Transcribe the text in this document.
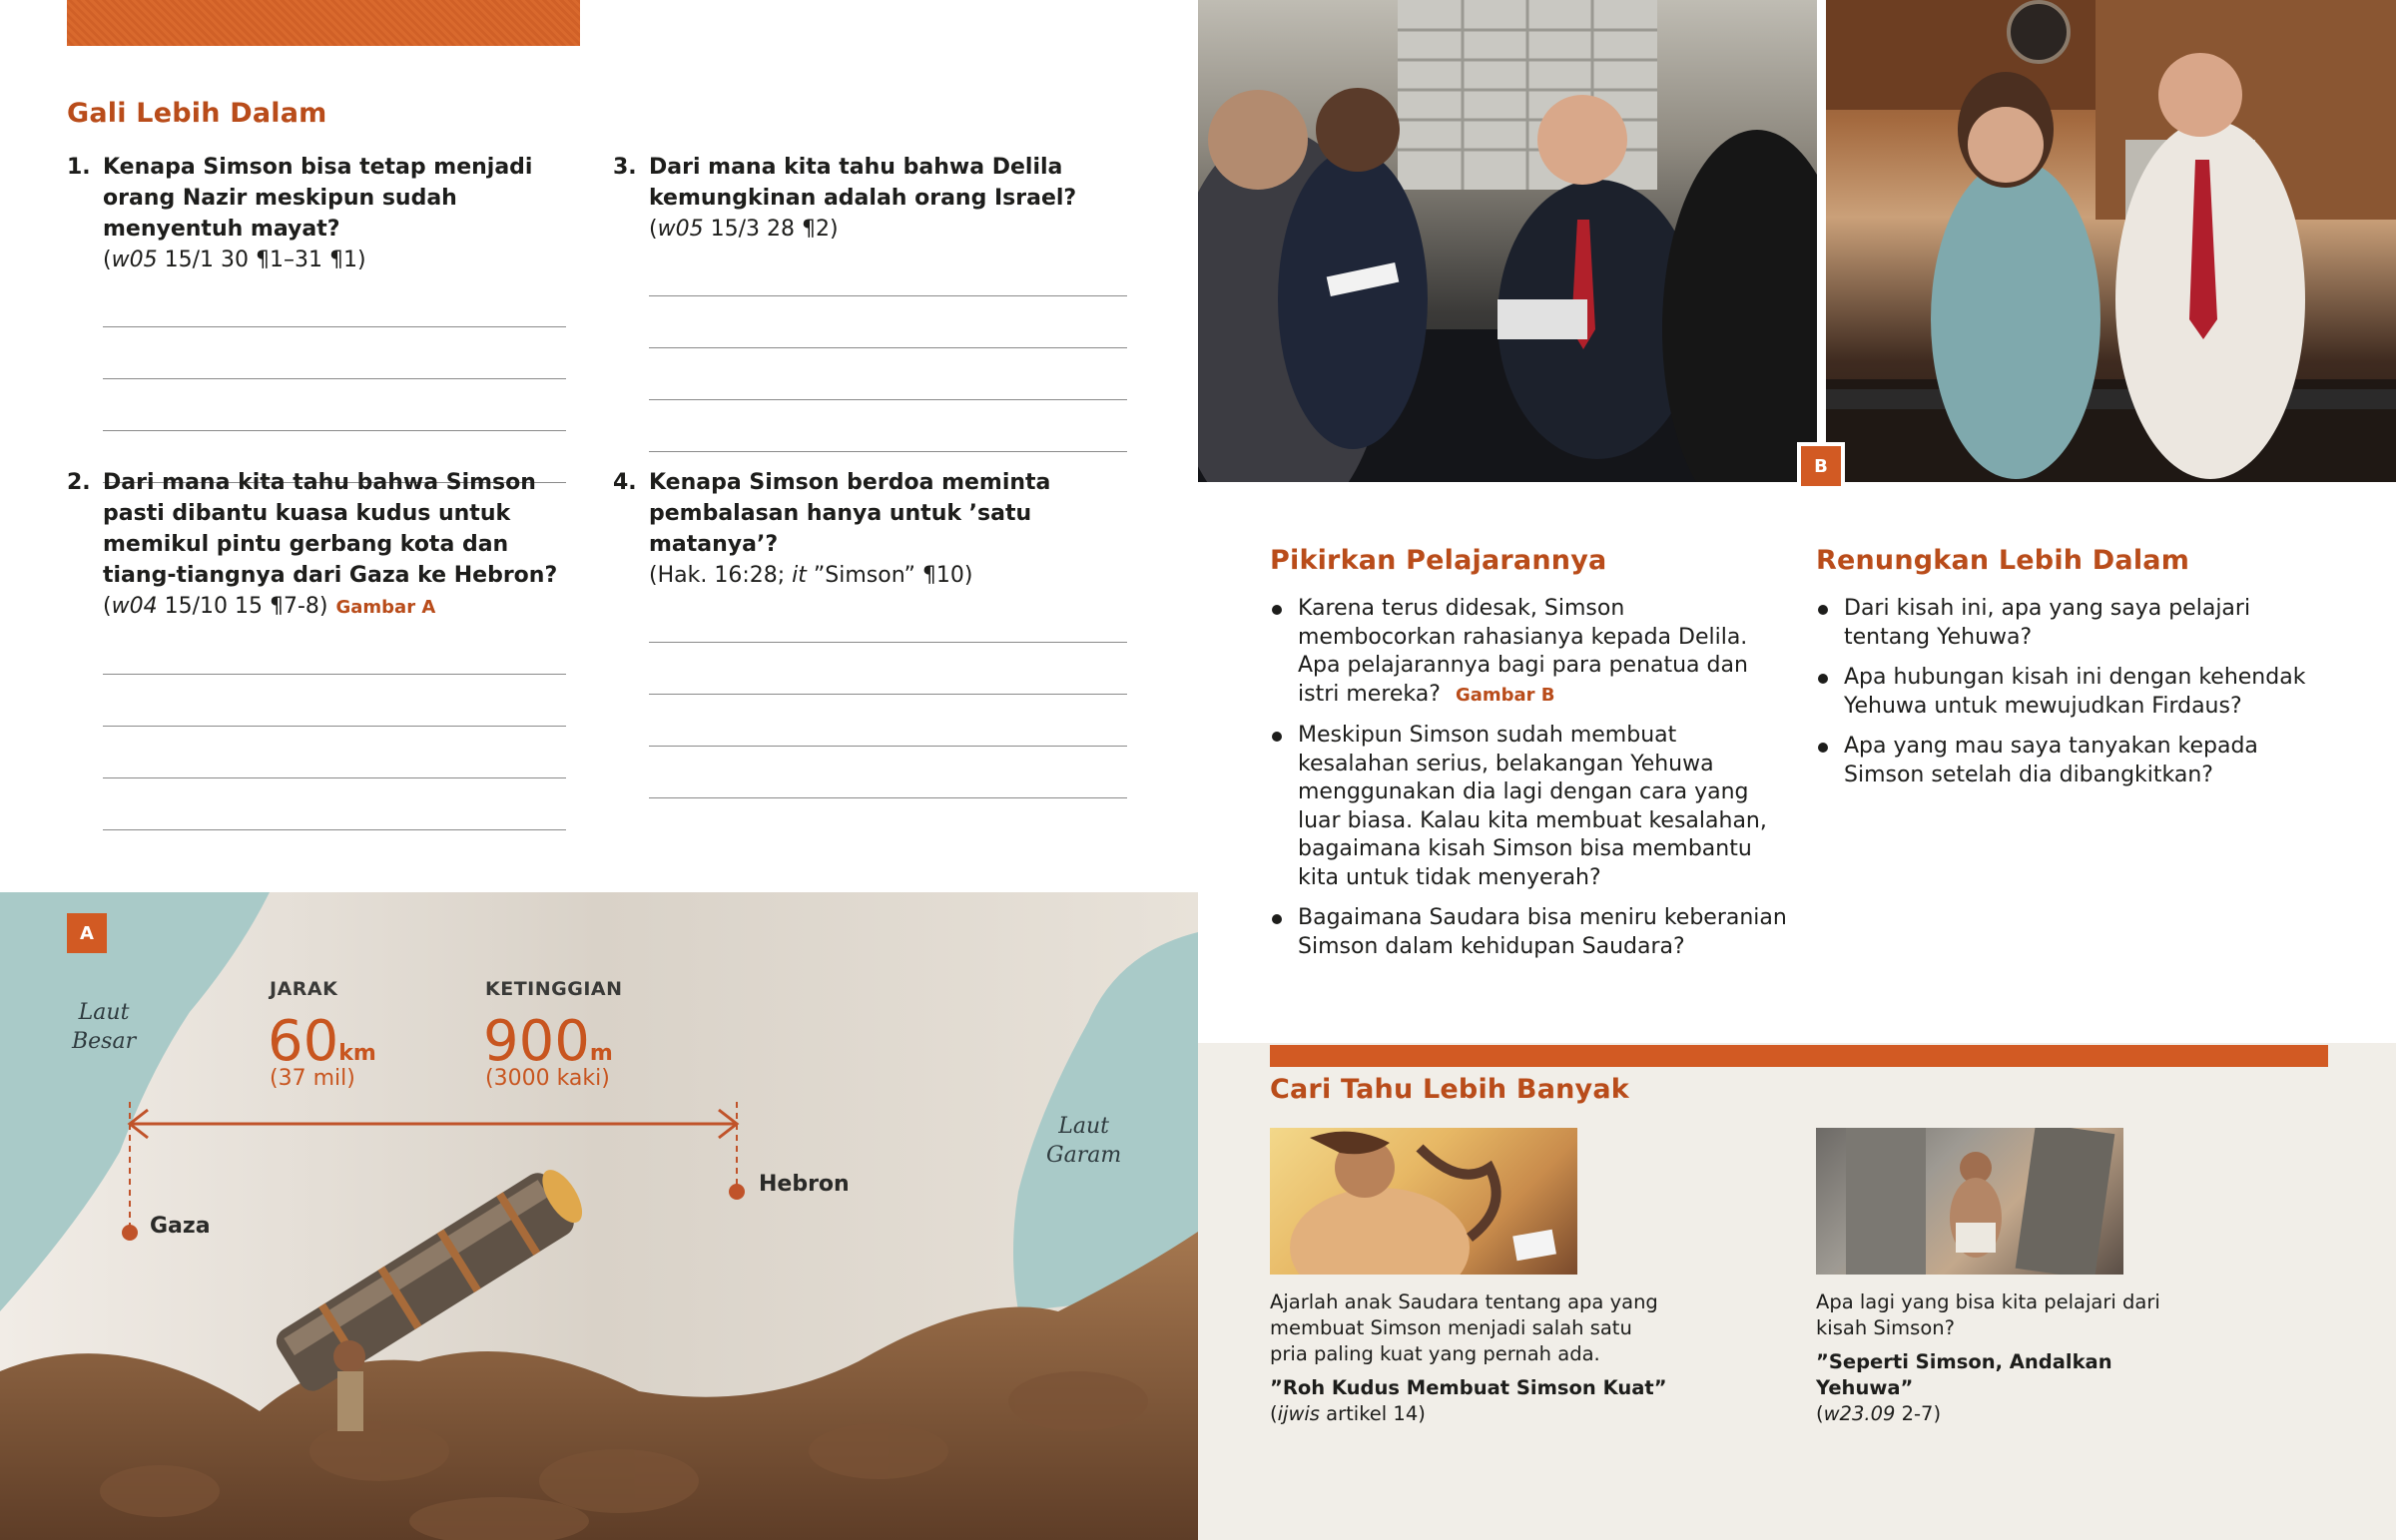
Gali Lebih Dalam
1. Kenapa Simson bisa tetap menjadi orang Nazir meskipun sudah menyentuh mayat?
(w05 15/1 30 ¶1–31 ¶1)
2. Dari mana kita tahu bahwa Simson pasti dibantu kuasa kudus untuk memikul pintu gerbang kota dan tiang-tiangnya dari Gaza ke Hebron? (w04 15/10 15 ¶7-8) Gambar A
3. Dari mana kita tahu bahwa Delila kemungkinan adalah orang Israel?
(w05 15/3 28 ¶2)
4. Kenapa Simson berdoa meminta pembalasan hanya untuk ’satu matanya’?
(Hak. 16:28; it ”Simson” ¶10)
B
Pikirkan Pelajarannya
Karena terus didesak, Simson membocorkan rahasianya kepada Delila. Apa pelajarannya bagi para penatua dan istri mereka? Gambar B
Meskipun Simson sudah membuat kesalahan serius, belakangan Yehuwa menggunakan dia lagi dengan cara yang luar biasa. Kalau kita membuat kesalahan, bagaimana kisah Simson bisa membantu kita untuk tidak menyerah?
Bagaimana Saudara bisa meniru keberanian Simson dalam kehidupan Saudara?
Renungkan Lebih Dalam
Dari kisah ini, apa yang saya pelajari tentang Yehuwa?
Apa hubungan kisah ini dengan kehendak Yehuwa untuk mewujudkan Firdaus?
Apa yang mau saya tanyakan kepada Simson setelah dia dibangkitkan?
Cari Tahu Lebih Banyak
Ajarlah anak Saudara tentang apa yang membuat Simson menjadi salah satu pria paling kuat yang pernah ada.
”Roh Kudus Membuat Simson Kuat”
(ijwis artikel 14)
Apa lagi yang bisa kita pelajari dari kisah Simson?
”Seperti Simson, Andalkan Yehuwa”
(w23.09 2-7)
A
Laut
Besar
Laut
Garam
JARAK
60km
(37 mil)
KETINGGIAN
900m
(3000 kaki)
Gaza
Hebron
